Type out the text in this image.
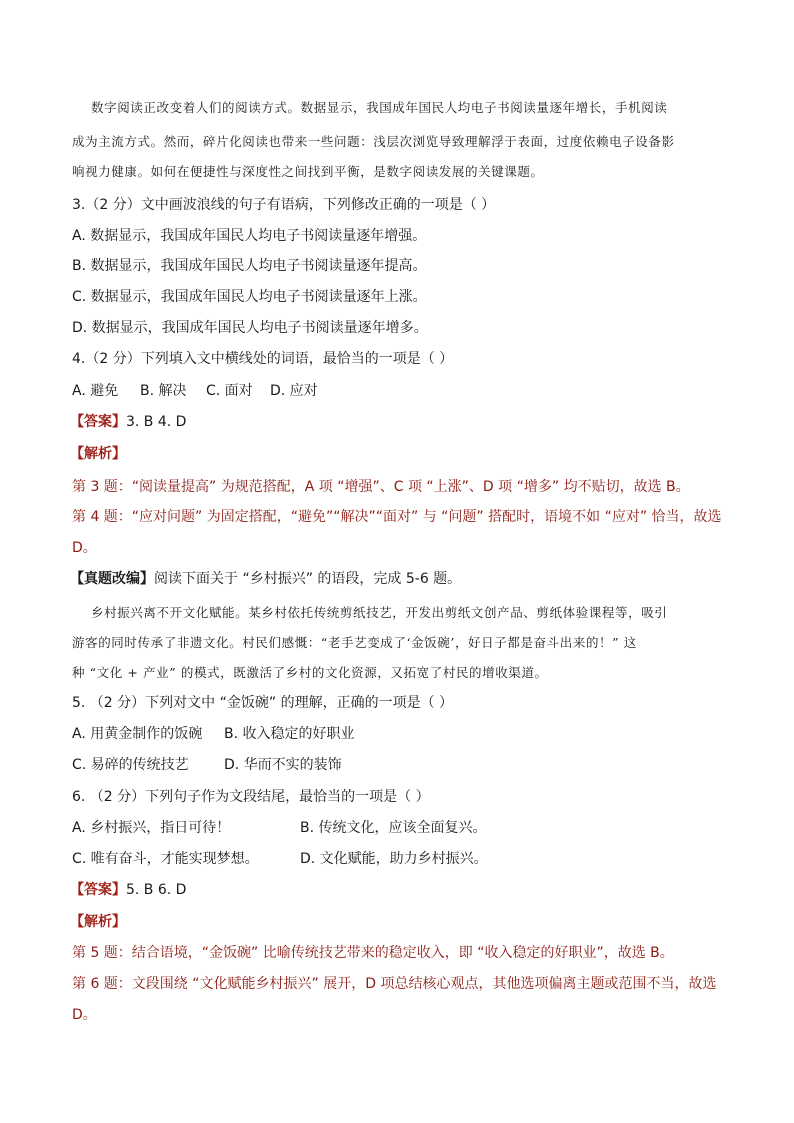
数字阅读正改变着人们的阅读方式。数据显示，我国成年国民人均电子书阅读量逐年增长，手机阅读
成为主流方式。然而，碎片化阅读也带来一些问题：浅层次浏览导致理解浮于表面，过度依赖电子设备影
响视力健康。如何在便捷性与深度性之间找到平衡，是数字阅读发展的关键课题。
3.（2 分）文中画波浪线的句子有语病，下列修改正确的一项是（ ）
A. 数据显示，我国成年国民人均电子书阅读量逐年增强。
B. 数据显示，我国成年国民人均电子书阅读量逐年提高。
C. 数据显示，我国成年国民人均电子书阅读量逐年上涨。
D. 数据显示，我国成年国民人均电子书阅读量逐年增多。
4.（2 分）下列填入文中横线处的词语，最恰当的一项是（ ）
A. 避免 B. 解决 C. 面对 D. 应对
【答案】3. B 4. D
【解析】
第 3 题：“阅读量提高” 为规范搭配，A 项 “增强”、C 项 “上涨”、D 项 “增多” 均不贴切，故选 B。
第 4 题：“应对问题” 为固定搭配，“避免”“解决”“面对” 与 “问题” 搭配时，语境不如 “应对” 恰当，故选
D。
【真题改编】阅读下面关于 “乡村振兴” 的语段，完成 5-6 题。
乡村振兴离不开文化赋能。某乡村依托传统剪纸技艺，开发出剪纸文创产品、剪纸体验课程等，吸引
游客的同时传承了非遗文化。村民们感慨：“老手艺变成了‘金饭碗’，好日子都是奋斗出来的！” 这
种 “文化 + 产业” 的模式，既激活了乡村的文化资源，又拓宽了村民的增收渠道。
5. （2 分）下列对文中 “金饭碗” 的理解，正确的一项是（ ）
A. 用黄金制作的饭碗 B. 收入稳定的好职业
C. 易碎的传统技艺	D. 华而不实的装饰
6. （2 分）下列句子作为文段结尾，最恰当的一项是（ ）
A. 乡村振兴，指日可待！	B. 传统文化，应该全面复兴。
C. 唯有奋斗，才能实现梦想。	D. 文化赋能，助力乡村振兴。
【答案】5. B 6. D
【解析】
第 5 题：结合语境，“金饭碗” 比喻传统技艺带来的稳定收入，即 “收入稳定的好职业”，故选 B。
第 6 题：文段围绕 “文化赋能乡村振兴” 展开，D 项总结核心观点，其他选项偏离主题或范围不当，故选
D。
